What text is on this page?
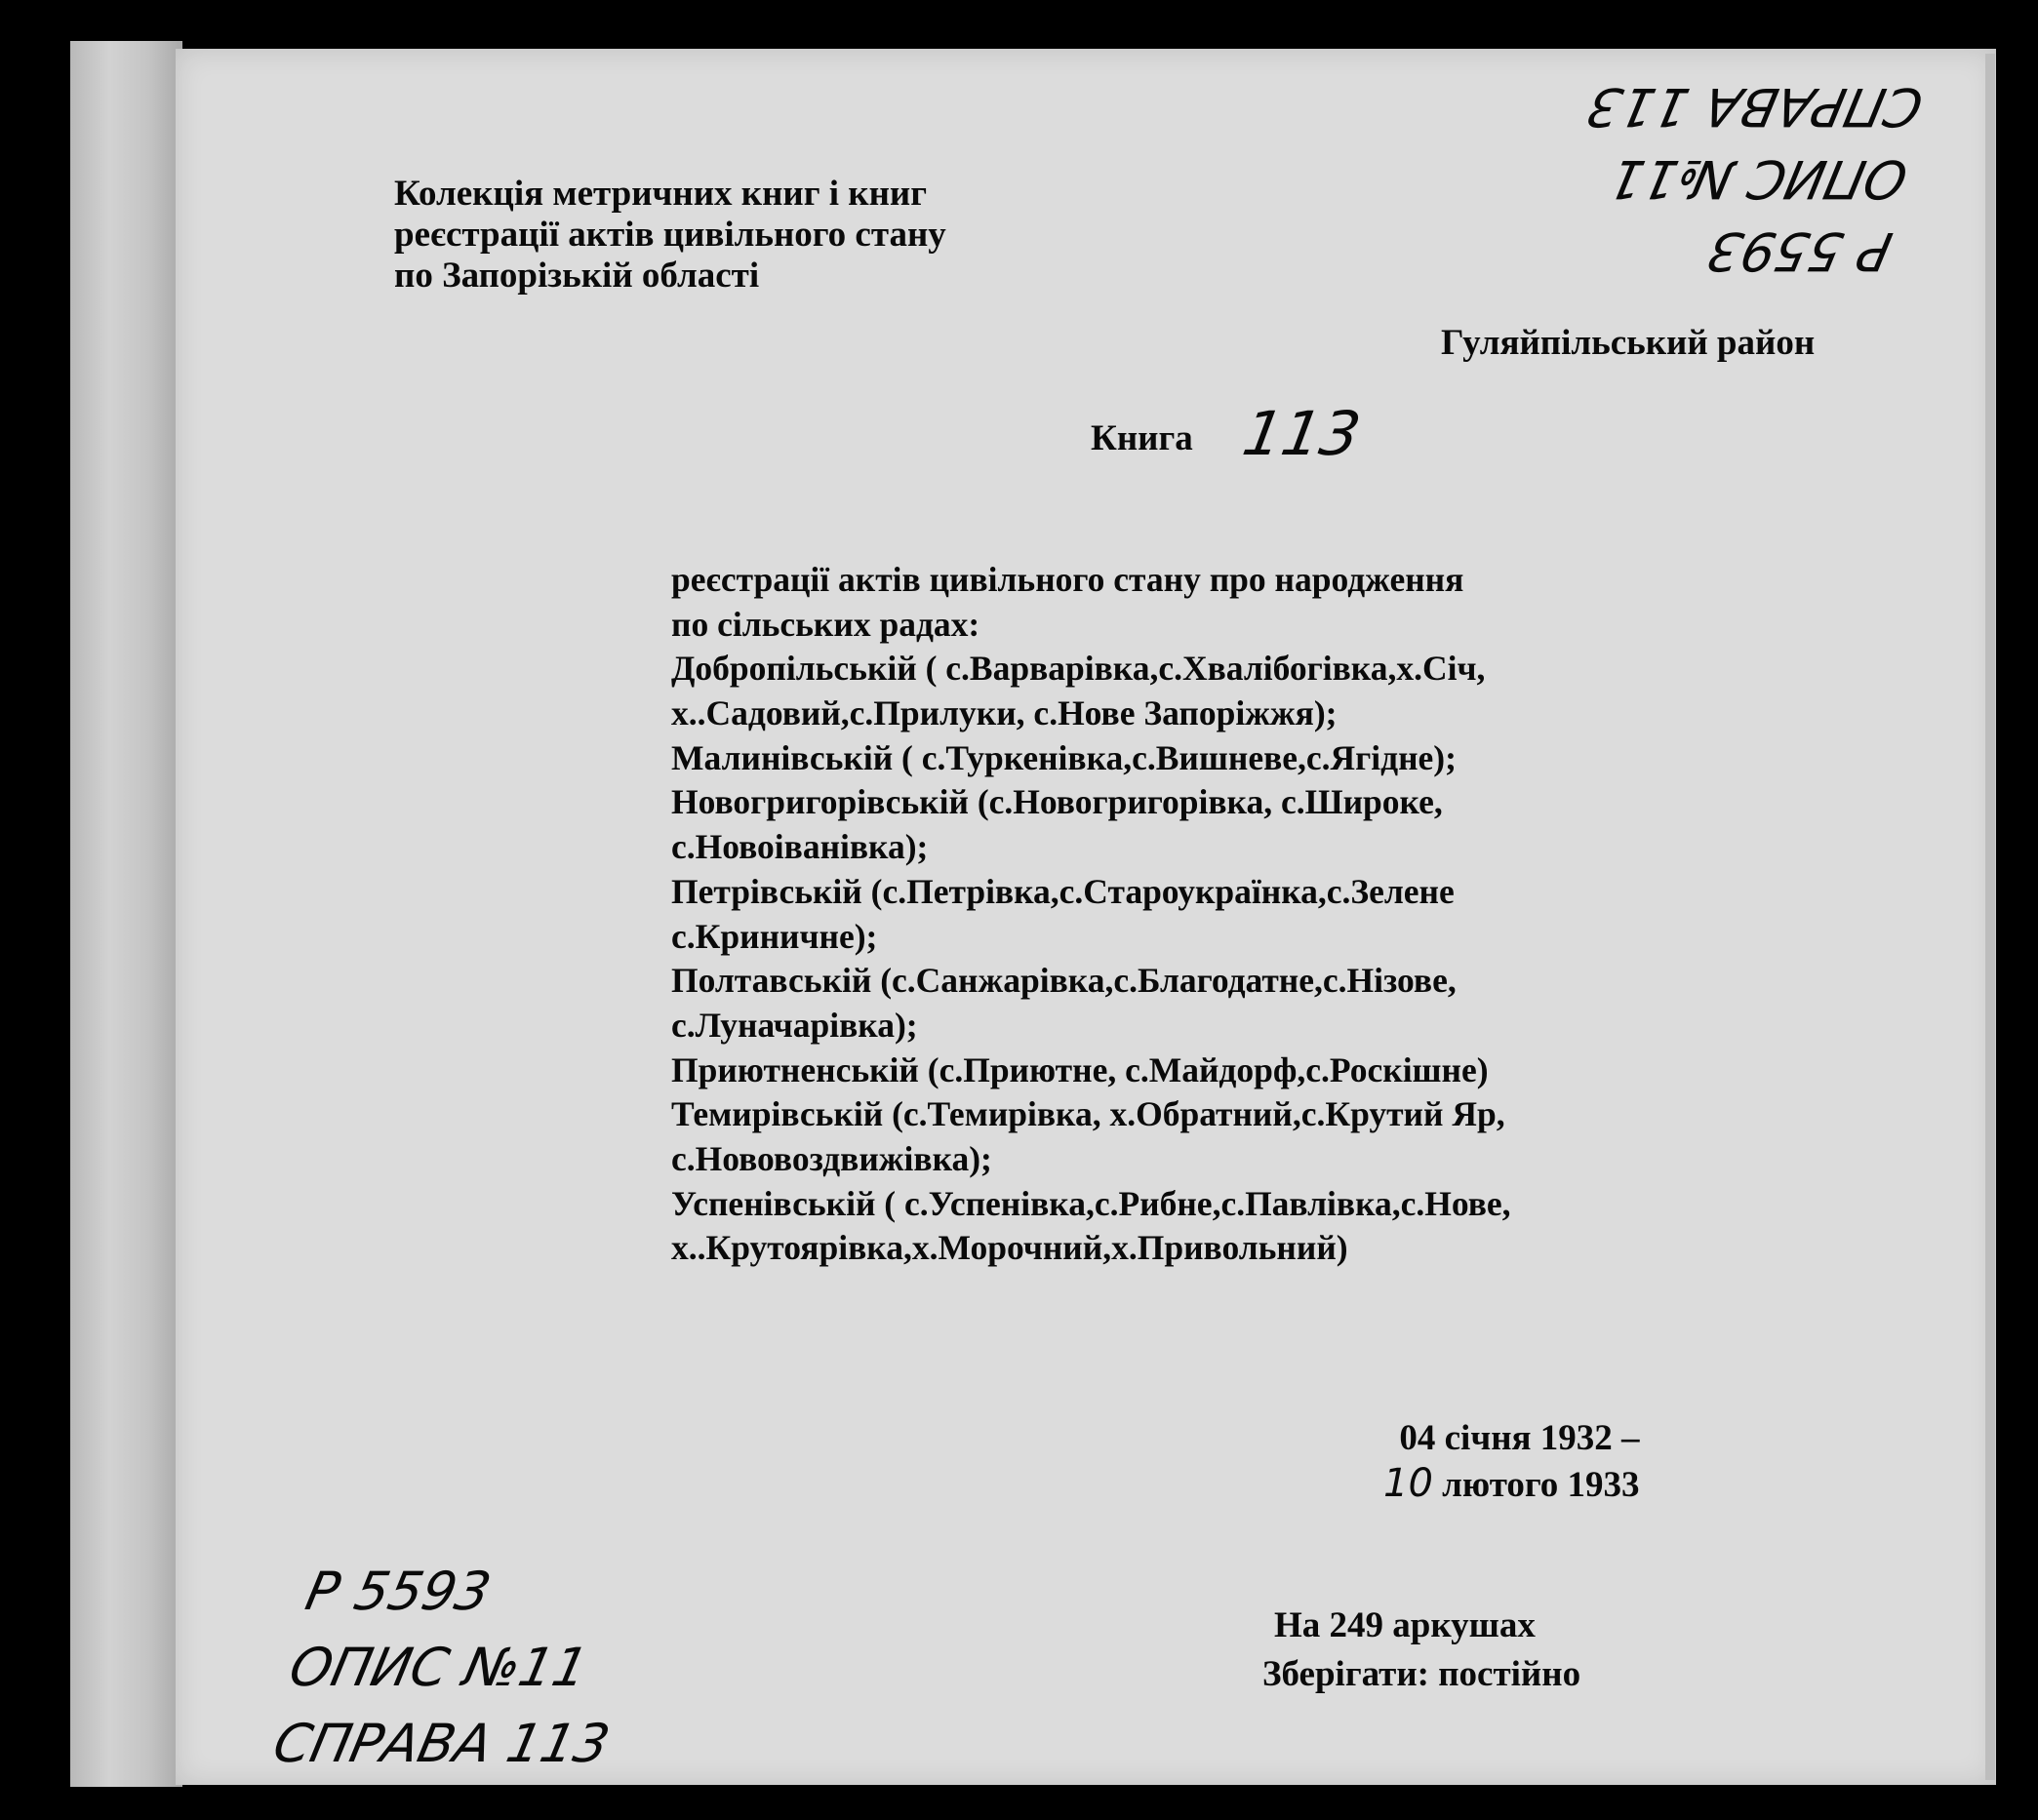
Колекція метричних книг і книг
реєстрації актів цивільного стану
по Запорізькій області
Гуляйпільський район
Книга 113
реєстрації актів цивільного стану про народження
по сільських радах:
Добропільській ( с.Варварівка,с.Хвалібогівка,х.Січ,
х..Садовий,с.Прилуки, с.Нове Запоріжжя);
Малинівській ( с.Туркенівка,с.Вишневе,с.Ягідне);
Новогригорівській (с.Новогригорівка, с.Широке,
с.Новоіванівка);
Петрівській (с.Петрівка,с.Староукраїнка,с.Зелене
с.Криничне);
Полтавській (с.Санжарівка,с.Благодатне,с.Нізове,
с.Луначарівка);
Приютненській (с.Приютне, с.Майдорф,с.Роскішне)
Темирівській (с.Темирівка, х.Обратний,с.Крутий Яр,
с.Нововоздвижівка);
Успенівській ( с.Успенівка,с.Рибне,с.Павлівка,с.Нове,
х..Крутоярівка,х.Морочний,х.Привольний)
04 січня 1932 –
10 лютого 1933
На 249 аркушах
Зберігати: постійно
Р 5593
ОПИС №11
СПРАВА 113
Р 5593
ОПИС №11
СПРАВА 113
